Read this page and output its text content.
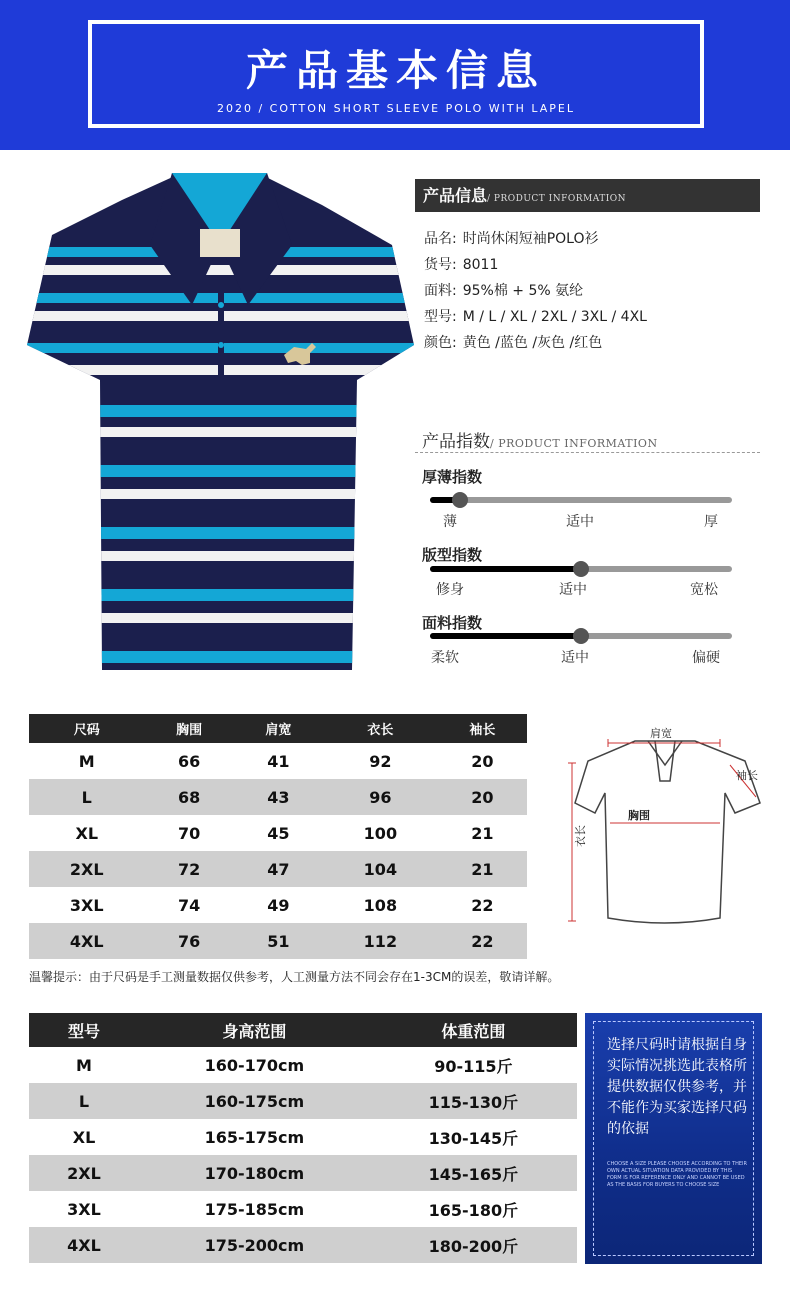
产品基本信息
2020 / COTTON SHORT SLEEVE POLO WITH LAPEL
产品信息/ PRODUCT INFORMATION
品名: 时尚休闲短袖POLO衫
货号: 8011
面料: 95%棉 + 5% 氨纶
型号: M / L / XL / 2XL / 3XL / 4XL
颜色: 黄色 /蓝色 /灰色 /红色
产品指数/ PRODUCT INFORMATION
厚薄指数
薄	适中	厚
版型指数
修身	适中	宽松
面料指数
柔软	适中	偏硬
尺码	胸围	肩宽	衣长	袖长
M	66	41	92	20
L	68	43	96	20
XL	70	45	100	21
2XL	72	47	104	21
3XL	74	49	108	22
4XL	76	51	112	22
肩宽
袖长
胸围
衣长
温馨提示：由于尺码是手工测量数据仅供参考，人工测量方法不同会存在1-3CM的误差，敬请详解。
型号	身高范围	体重范围
M	160-170cm	90-115斤
L	160-175cm	115-130斤
XL	165-175cm	130-145斤
2XL	170-180cm	145-165斤
3XL	175-185cm	165-180斤
4XL	175-200cm	180-200斤
选择尺码时请根据自身实际情况挑选此表格所提供数据仅供参考，并不能作为买家选择尺码的依据
CHOOSE A SIZE PLEASE CHOOSE ACCORDING TO THEIR OWN ACTUAL SITUATION DATA PROVIDED BY THIS FORM IS FOR REFERENCE ONLY AND CANNOT BE USED AS THE BASIS FOR BUYERS TO CHOOSE SIZE
